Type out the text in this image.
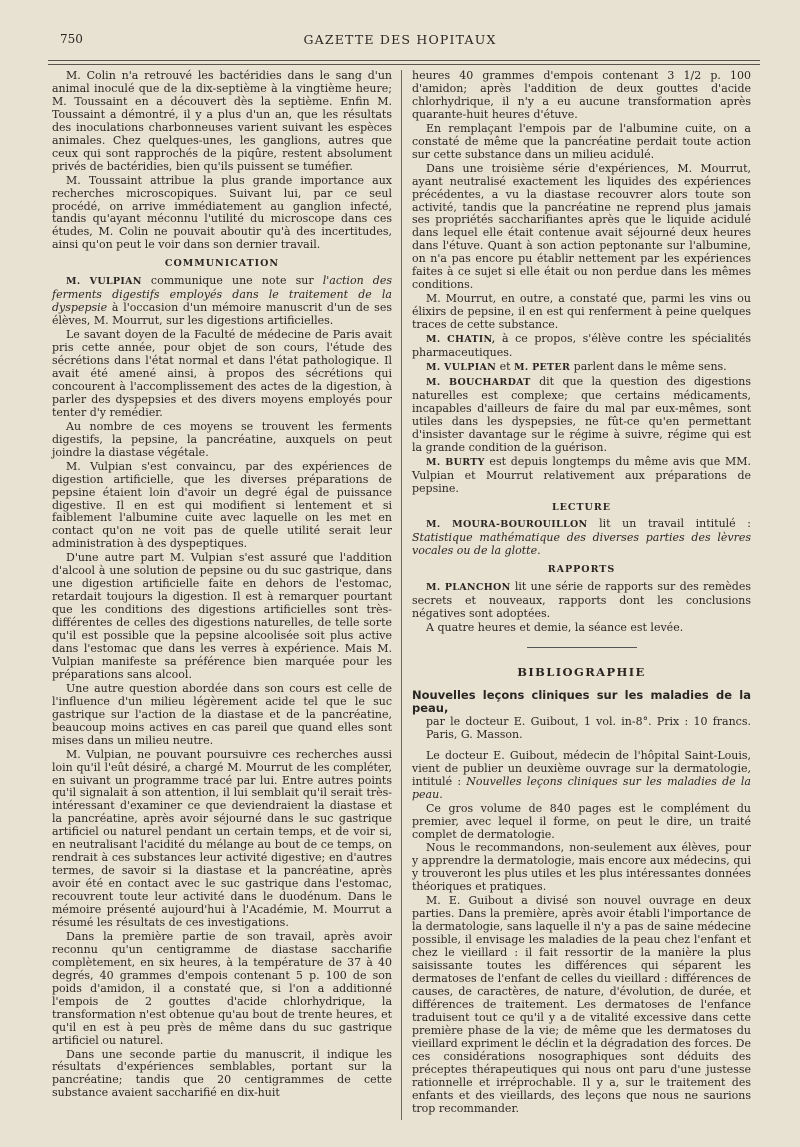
750	GAZETTE DES HOPITAUX

M. Colin n'a retrouvé les bactéridies dans le sang d'un animal inoculé que de la dix-septième à la vingtième heure; M. Toussaint en a découvert dès la septième. Enfin M. Toussaint a démontré, il y a plus d'un an, que les résultats des inoculations charbonneuses varient suivant les espèces animales. Chez quelques-unes, les ganglions, autres que ceux qui sont rapprochés de la piqûre, restent absolument privés de bactéridies, bien qu'ils puissent se tuméfier.

M. Toussaint attribue la plus grande importance aux recherches microscopiques. Suivant lui, par ce seul procédé, on arrive immédiatement au ganglion infecté, tandis qu'ayant méconnu l'utilité du microscope dans ces études, M. Colin ne pouvait aboutir qu'à des incertitudes, ainsi qu'on peut le voir dans son dernier travail.

COMMUNICATION

M. VULPIAN communique une note sur l'action des ferments digestifs employés dans le traitement de la dyspepsie à l'occasion d'un mémoire manuscrit d'un de ses élèves, M. Mourrut, sur les digestions artificielles.

Le savant doyen de la Faculté de médecine de Paris avait pris cette année, pour objet de son cours, l'étude des sécrétions dans l'état normal et dans l'état pathologique. Il avait été amené ainsi, à propos des sécrétions qui concourent à l'accomplissement des actes de la digestion, à parler des dyspepsies et des divers moyens employés pour tenter d'y remédier.

Au nombre de ces moyens se trouvent les ferments digestifs, la pepsine, la pancréatine, auxquels on peut joindre la diastase végétale.

M. Vulpian s'est convaincu, par des expériences de digestion artificielle, que les diverses préparations de pepsine étaient loin d'avoir un degré égal de puissance digestive. Il en est qui modifient si lentement et si faiblement l'albumine cuite avec laquelle on les met en contact qu'on ne voit pas de quelle utilité serait leur administration à des dyspeptiques.

D'une autre part M. Vulpian s'est assuré que l'addition d'alcool à une solution de pepsine ou du suc gastrique, dans une digestion artificielle faite en dehors de l'estomac, retardait toujours la digestion. Il est à remarquer pourtant que les conditions des digestions artificielles sont très-différentes de celles des digestions naturelles, de telle sorte qu'il est possible que la pepsine alcoolisée soit plus active dans l'estomac que dans les verres à expérience. Mais M. Vulpian manifeste sa préférence bien marquée pour les préparations sans alcool.

Une autre question abordée dans son cours est celle de l'influence d'un milieu légèrement acide tel que le suc gastrique sur l'action de la diastase et de la pancréatine, beaucoup moins actives en cas pareil que quand elles sont mises dans un milieu neutre.

M. Vulpian, ne pouvant poursuivre ces recherches aussi loin qu'il l'eût désiré, a chargé M. Mourrut de les compléter, en suivant un programme tracé par lui. Entre autres points qu'il signalait à son attention, il lui semblait qu'il serait très-intéressant d'examiner ce que deviendraient la diastase et la pancréatine, après avoir séjourné dans le suc gastrique artificiel ou naturel pendant un certain temps, et de voir si, en neutralisant l'acidité du mélange au bout de ce temps, on rendrait à ces substances leur activité digestive; en d'autres termes, de savoir si la diastase et la pancréatine, après avoir été en contact avec le suc gastrique dans l'estomac, recouvrent toute leur activité dans le duodénum. Dans le mémoire présenté aujourd'hui à l'Académie, M. Mourrut a résumé les résultats de ces investigations.

Dans la première partie de son travail, après avoir reconnu qu'un centigramme de diastase saccharifie complètement, en six heures, à la température de 37 à 40 degrés, 40 grammes d'empois contenant 5 p. 100 de son poids d'amidon, il a constaté que, si l'on a additionné l'empois de 2 gouttes d'acide chlorhydrique, la transformation n'est obtenue qu'au bout de trente heures, et qu'il en est à peu près de même dans du suc gastrique artificiel ou naturel.

Dans une seconde partie du manuscrit, il indique les résultats d'expériences semblables, portant sur la pancréatine; tandis que 20 centigrammes de cette substance avaient saccharifié en dix-huit

heures 40 grammes d'empois contenant 3 1/2 p. 100 d'amidon; après l'addition de deux gouttes d'acide chlorhydrique, il n'y a eu aucune transformation après quarante-huit heures d'étuve.

En remplaçant l'empois par de l'albumine cuite, on a constaté de même que la pancréatine perdait toute action sur cette substance dans un milieu acidulé.

Dans une troisième série d'expériences, M. Mourrut, ayant neutralisé exactement les liquides des expériences précédentes, a vu la diastase recouvrer alors toute son activité, tandis que la pancréatine ne reprend plus jamais ses propriétés saccharifiantes après que le liquide acidulé dans lequel elle était contenue avait séjourné deux heures dans l'étuve. Quant à son action peptonante sur l'albumine, on n'a pas encore pu établir nettement par les expériences faites à ce sujet si elle était ou non perdue dans les mêmes conditions.

M. Mourrut, en outre, a constaté que, parmi les vins ou élixirs de pepsine, il en est qui renferment à peine quelques traces de cette substance.

M. CHATIN, à ce propos, s'élève contre les spécialités pharmaceutiques.

M. VULPIAN et M. PETER parlent dans le même sens.

M. BOUCHARDAT dit que la question des digestions naturelles est complexe; que certains médicaments, incapables d'ailleurs de faire du mal par eux-mêmes, sont utiles dans les dyspepsies, ne fût-ce qu'en permettant d'insister davantage sur le régime à suivre, régime qui est la grande condition de la guérison.

M. BURTY est depuis longtemps du même avis que MM. Vulpian et Mourrut relativement aux préparations de pepsine.

LECTURE

M. MOURA-BOUROUILLON lit un travail intitulé : Statistique mathématique des diverses parties des lèvres vocales ou de la glotte.

RAPPORTS

M. PLANCHON lit une série de rapports sur des remèdes secrets et nouveaux, rapports dont les conclusions négatives sont adoptées.

A quatre heures et demie, la séance est levée.

BIBLIOGRAPHIE

Nouvelles leçons cliniques sur les maladies de la peau,

par le docteur E. Guibout, 1 vol. in-8°. Prix : 10 francs. Paris, G. Masson.

Le docteur E. Guibout, médecin de l'hôpital Saint-Louis, vient de publier un deuxième ouvrage sur la dermatologie, intitulé : Nouvelles leçons cliniques sur les maladies de la peau.

Ce gros volume de 840 pages est le complément du premier, avec lequel il forme, on peut le dire, un traité complet de dermatologie.

Nous le recommandons, non-seulement aux élèves, pour y apprendre la dermatologie, mais encore aux médecins, qui y trouveront les plus utiles et les plus intéressantes données théoriques et pratiques.

M. E. Guibout a divisé son nouvel ouvrage en deux parties. Dans la première, après avoir établi l'importance de la dermatologie, sans laquelle il n'y a pas de saine médecine possible, il envisage les maladies de la peau chez l'enfant et chez le vieillard : il fait ressortir de la manière la plus saisissante toutes les différences qui séparent les dermatoses de l'enfant de celles du vieillard : différences de causes, de caractères, de nature, d'évolution, de durée, et différences de traitement. Les dermatoses de l'enfance traduisent tout ce qu'il y a de vitalité excessive dans cette première phase de la vie; de même que les dermatoses du vieillard expriment le déclin et la dégradation des forces. De ces considérations nosographiques sont déduits des préceptes thérapeutiques qui nous ont paru d'une justesse rationnelle et irréprochable. Il y a, sur le traitement des enfants et des vieillards, des leçons que nous ne saurions trop recommander.
